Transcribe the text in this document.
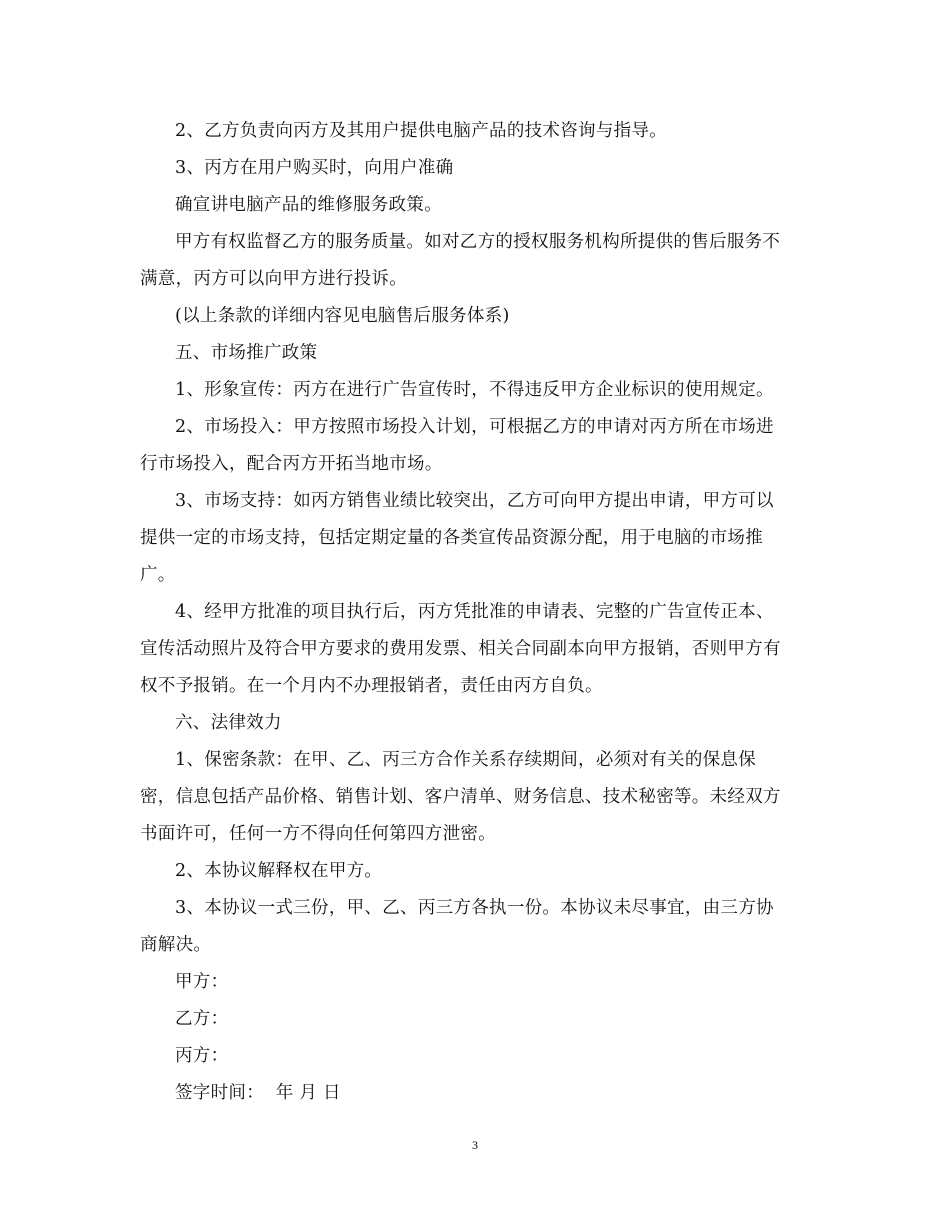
2、乙方负责向丙方及其用户提供电脑产品的技术咨询与指导。
3、丙方在用户购买时，向用户准确
确宣讲电脑产品的维修服务政策。
甲方有权监督乙方的服务质量。如对乙方的授权服务机构所提供的售后服务不
满意，丙方可以向甲方进行投诉。
(以上条款的详细内容见电脑售后服务体系)
五、市场推广政策
1、形象宣传：丙方在进行广告宣传时，不得违反甲方企业标识的使用规定。
2、市场投入：甲方按照市场投入计划，可根据乙方的申请对丙方所在市场进
行市场投入，配合丙方开拓当地市场。
3、市场支持：如丙方销售业绩比较突出，乙方可向甲方提出申请，甲方可以
提供一定的市场支持，包括定期定量的各类宣传品资源分配，用于电脑的市场推
广。
4、经甲方批准的项目执行后，丙方凭批准的申请表、完整的广告宣传正本、
宣传活动照片及符合甲方要求的费用发票、相关合同副本向甲方报销，否则甲方有
权不予报销。在一个月内不办理报销者，责任由丙方自负。
六、法律效力
1、保密条款：在甲、乙、丙三方合作关系存续期间，必须对有关的保息保
密，信息包括产品价格、销售计划、客户清单、财务信息、技术秘密等。未经双方
书面许可，任何一方不得向任何第四方泄密。
2、本协议解释权在甲方。
3、本协议一式三份，甲、乙、丙三方各执一份。本协议未尽事宜，由三方协
商解决。
甲方：
乙方：
丙方：
签字时间：  年 月 日
3
